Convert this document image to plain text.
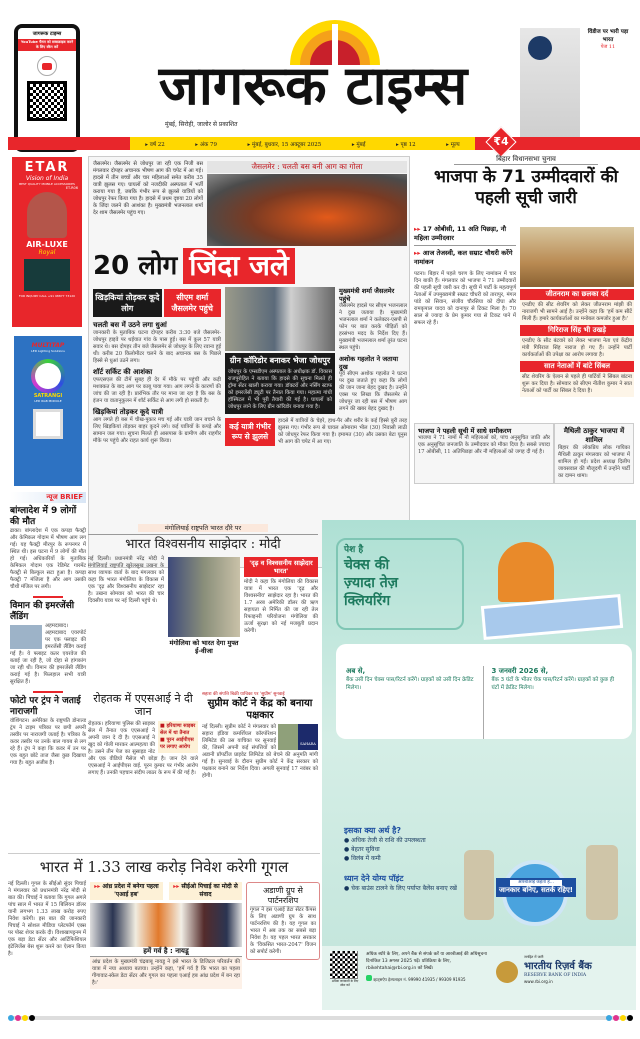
जागरूक टाइम्स
YouTube चैनल को सब्सक्राइब करने के लिए स्कैन करें
जागरूक टाइम्स
मुंबई, सिरोही, जालोर से प्रकाशित
विंडीज पर भारी पड़ा भारत
पेज 11
▸ वर्ष 22	▸ अंक 79	▸ मुंबई, बुधवार, 15 अक्टूबर 2025	▸ मुंबई	▸ पृष्ठ 12	▸ मूल्य	₹4
ETAR
Vision of India
BEST QUALITY MOBILE ACCESSORIES
ET-R06
AIR-LUXE
Royal
FOR INQUIRY CALL +91 98877 73120
MULTITAP
LED Lighting Solutions
SATRANGI
LED RGB MODULE
न्यूज BRIEF
बांग्लादेश में 9 लोगों की मौत
ढाका। बांग्लादेश में एक कपड़ा फैक्ट्री और केमिकल गोदाम में भीषण आग लग गई। यह फैक्ट्री मीरपुर के रूपनगर में स्थित थी। इस घटना में 9 लोगों की मौत हो गई। अधिकारियों के मुताबिक केमिकल गोदाम एक रेडिमेट गारमेंट फैक्ट्री से बिल्कुल सटा हुआ है। कपड़ा फैक्ट्री 7 मंजिला है और आग उसकी चौथी मंजिल पर लगी।
विमान की इमरजेंसी लैंडिंग
अहमदाबाद। अहमदाबाद एयरपोर्ट पर एक फ्लाइट की इमरजेंसी लैंडिंग कराई गई है। ये फ्लाइट कतर एयरवेज की बताई जा रही है, जो दोहा से हांगकांग जा रही थी। विमान की इमरजेंसी लैंडिंग कराई गई है। फिलहाल सभी यात्री सुरक्षित हैं।
फोटो पर ट्रंप ने जताई नाराजगी
वॉशिंगटन। अमेरिका के राष्ट्रपति डोनाल्ड ट्रंप ने टाइम पत्रिका पर छपी अपनी तस्वीर पर नाराजगी जताई है। पत्रिका के कवर तस्वीर पर उनके बाल गायब से लग रहे हैं। ट्रंप ने कहा कि कवर में उन पर एक बहुत छोटे ताज जैसा कुछ दिखाया गया है। बहुत अजीब है।
जैसलमेर। जैसलमेर से जोधपुर जा रही एक निजी बस मंगलवार दोपहर अचानक भीषण आग की चपेट में आ गई। हादसे में तीन बच्चों और चार महिलाओं समेत करीब 35 यात्री झुलस गए। घायलों को नजदीकी अस्पताल में भर्ती कराया गया है, जबकि गंभीर रूप से झुलसे यात्रियों को जोधपुर रेफर किया गया है। हादसे में प्रथम दृष्टया 20 लोगों के जिंदा जलने की आशंका है। मुख्यमंत्री भजनलाल शर्मा देर शाम जैसलमेर पहुंच गए।
जैसलमेर : चलती बस बनी आग का गोला
20 लोग जिंदा जले
खिड़कियां तोड़कर कूदे लोग
सीएम शर्मा जैसलमेर पहुंचे
चलती बस में उठने लगा धुआं
जानकारी के मुताबिक घटना दोपहर करीब 3:30 बजे जैसलमेर-जोधपुर हाइवे पर थईयात गांव के पास हुई। बस में कुल 57 यात्री सवार थे। बस दोपहर तीन बजे जैसलमेर से जोधपुर के लिए रवाना हुई थी। करीब 20 किलोमीटर चलने के बाद अचानक बस के पिछले हिस्से से धुआं उठने लगा।
शॉर्ट सर्किट की आशंका
एफएसएल की टीमें सुबह ही देर में मौके पर पहुंचीं और कड़ी मशक्कत के बाद आग पर काबू पाया गया। आग लगने के कारणों की जांच की जा रही है। प्रारंभिक तौर पर माना जा रहा है कि बस के इंजन या वातानुकूलन में शॉर्ट सर्किट से आग लगी हो सकती है।
खिड़कियां तोड़कर कूदे यात्री
आग लगते ही बस में चीख-पुकार मच गई और यात्री जान बचाने के लिए खिड़कियां तोड़कर बाहर कूदने लगे। कई यात्रियों के कपड़े और सामान जल गया। सूचना मिलते ही आसपास के ग्रामीण और राहगीर मौके पर पहुंचे और राहत कार्य शुरू किया।
ग्रीन कॉरिडोर बनाकर भेजा जोधपुर
जोधपुर के एम्सडीएम अस्पताल के अधीक्षक डॉ. विकास राजपुरोहित ने बताया कि हादसे की सूचना मिलते ही ट्रॉमा सेंटर खाली कराया गया। डॉक्टरों और नर्सिंग स्टाफ को इमरजेंसी ड्यूटी पर तैनात किया गया। महात्मा गांधी हॉस्पिटल में भी पूरी तैयारी की गई है। घायलों को जोधपुर लाने के लिए ग्रीन कॉरिडोर बनाया गया है।
मुख्यमंत्री शर्मा जैसलमेर पहुंचे
जैसलमेर हादसे पर सीएम भजनलाल ने दुख जताया है। मुख्यमंत्री भजनलाल शर्मा ने कलेक्टर-एसपी से फोन पर बात करके पीड़ितों को हरसंभव मदद के निर्देश दिए हैं। मुख्यमंत्री भजनलाल शर्मा तुरंत घटना स्थल पहुंचे।
अशोक गहलोत ने जताया दुख
पूर्व सीएम अशोक गहलोत ने घटना पर दुख जताते हुए कहा कि लोगों की जान जाना बेहद दुखद है। उन्होंने एक्स पर लिखा कि जैसलमेर से जोधपुर जा रही बस में भीषण आग लगने की खबर बेहद दुखद है।
कई यात्री गंभीर रूप से झुलसे
हादसे में यात्रियों के चेहरे, हाथ-पैर और शरीर के कई हिस्से बुरी तरह झुलस गए। गंभीर रूप से घायल ओमाराम भील (30) निवासी लाठी को जोधपुर रेफर किया गया है। इमामत (30) और उसका बेटा यूनुस भी आग की चपेट में आ गए।
बिहार विधानसभा चुनाव
भाजपा के 71 उम्मीदवारों की पहली सूची जारी
▸▸ 17 ओबीसी, 11 अति पिछड़ा, नौ महिला उम्मीदवार
▸▸ आज तेजस्वी, कल सम्राट चौधरी करेंगे नामांकन
पटना। बिहार में पहले चरण के लिए नामांकन में चार दिन बाकी हैं। मंगलवार को भाजपा ने 71 उम्मीदवारों की पहली सूची जारी कर दी। सूची में पार्टी के महत्वपूर्ण नेताओं में उपमुख्यमंत्री सम्राट चौधरी को तारापुर, मंगल पांडे को सिवान, संजीव चौरसिया को दीघा और रामकृपाल यादव को दानापुर से टिकट मिला है। 70 साल से ज्यादा के प्रेम कुमार गया से टिकट पाने में सफल रहे हैं।
जीतनराम का छलका दर्द
एनडीए की सीट शेयरिंग को लेकर जीतनराम मांझी की नाराजगी भी सामने आई है। उन्होंने कहा कि 'हमें कम सीटें मिली हैं। हमारे कार्यकर्ताओं का मनोबल कमजोर हुआ है।'
गिरिराज सिंह भी उखड़े
एनडीए के सीट बंटवारे को लेकर भाजपा नेता एवं केंद्रीय मंत्री गिरिराज सिंह नाराज हो गए हैं। उन्होंने पार्टी कार्यकर्ताओं की उपेक्षा का आरोप लगाया है।
सात नेताओं में बांटे सिंबल
सीट शेयरिंग के ऐलान से पहले ही पार्टियों ने सिंबल बांटना शुरू कर दिया है। सोमवार को सीएम नीतीश कुमार ने सात नेताओं को पार्टी का सिंबल दे दिया है।
भाजपा ने पहली सूची में साधे समीकरण
भाजपा ने 71 नामों में नौ महिलाओं को, पांच अनुसूचित जाति और एक अनुसूचित जनजाति के उम्मीदवार को मौका दिया है। सबसे ज्यादा 17 ओबीसी, 11 अतिपिछड़ा और नौ महिलाओं को जगह दी गई है।
मैथिली ठाकुर भाजपा में शामिल
बिहार की लोकप्रिय लोक गायिका मैथिली ठाकुर मंगलवार को भाजपा में शामिल हो गईं। प्रदेश अध्यक्ष दिलीप जायसवाल की मौजूदगी में उन्होंने पार्टी का दामन थामा।
मंगोलियाई राष्ट्रपति भारत दौरे पर
भारत विश्वसनीय साझेदार : मोदी
नई दिल्ली। प्रधानमंत्री नरेंद्र मोदी ने मंगोलियाई राष्ट्रपति खुरेलसुख उखना के साथ व्यापक वार्ता के बाद मंगलवार को कहा कि भारत मंगोलिया के विकास में एक 'दृढ़ और विश्वसनीय साझेदार' रहा है। उखना सोमवार को भारत की चार दिवसीय यात्रा पर नई दिल्ली पहुंचे थे।
मंगोलिया को भारत देगा मुफ्त ई-वीजा
'दृढ़ व विश्वसनीय साझेदार भारत'
मोदी ने कहा कि मंगोलिया की विकास यात्रा में भारत एक 'दृढ़ और विश्वसनीय' साझेदार रहा है। भारत की 1.7 अरब अमेरिकी डॉलर की ऋण सहायता से निर्मित की जा रही तेल रिफाइनरी परियोजना मंगोलिया की ऊर्जा सुरक्षा को नई मजबूती प्रदान करेगी।
रोहतक में एएसआई ने दी जान
■ हरियाणा साइबर सेल में था तैनात
■ पूरन आईपीएस पर लगाए आरोप
रोहतक। हरियाणा पुलिस की साइबर सेल में तैनात एक एएसआई ने अपनी जान दे दी है। एएसआई ने खुद को गोली मारकर आत्महत्या की है। उसने तीन पेज का सुसाइड नोट और एक वीडियो मैसेज भी छोड़ा है। जान देने वाले एएसआई ने आईपीएस वाई. पूरन कुमार पर गंभीर आरोप लगाए हैं। उनकी पहचान संदीप लाठर के रूप में की गई है।
सहारा की संपत्ति बिक्री याचिका पर 'सुप्रीम' सुनवाई
सुप्रीम कोर्ट ने केंद्र को बनाया पक्षकार
SAHARA
नई दिल्ली। सुप्रीम कोर्ट ने मंगलवार को सहारा इंडिया कमर्शियल कॉरपोरेशन लिमिटेड की उस याचिका पर सुनवाई की, जिसमें अपनी कई संपत्तियों को अडानी प्रॉपर्टीज प्राइवेट लिमिटेड को बेचने की अनुमति मांगी गई है। सुनवाई के दौरान सुप्रीम कोर्ट ने केंद्र सरकार को पक्षकार बनाने का निर्देश दिया। अगली सुनवाई 17 नवंबर को होगी।
भारत में 1.33 लाख करोड़ निवेश करेगी गूगल
नई दिल्ली। गूगल के सीईओ सुंदर पिचाई ने मंगलवार को प्रधानमंत्री नरेंद्र मोदी से बात की। पिचाई ने बताया कि गूगल अगले पांच साल में भारत में 15 बिलियन डॉलर यानी लगभग 1.33 लाख करोड़ रुपए निवेश करेगी। इस बात की जानकारी पिचाई ने सोशल मीडिया प्लेटफॉर्म एक्स पर पोस्ट शेयर करके दी। विशाखापट्टनम में एक बड़ा डेटा सेंटर और आर्टिफिशियल इंटेलिजेंस बेस शुरू करने का ऐलान किया है।
▸▸ आंध्र प्रदेश में बनेगा पहला 'एआई हब'
▸▸ सीईओ पिचाई का मोदी से संवाद
हमें गर्व है : नायडू
आंध्र प्रदेश के मुख्यमंत्री चंद्रबाबू नायडू ने इसे भारत के डिजिटल परिवर्तन की यात्रा में नया अध्याय बताया। उन्होंने कहा, 'हमें गर्व है कि भारत का पहला गीगावाट-स्केल डेटा सेंटर और गूगल का पहला एआई हब आंध्र प्रदेश में बन रहा है।'
अडाणी ग्रुप से पार्टनरशिप
गूगल ने इस एआई डेटा सेंटर कैंपस के लिए अडाणी ग्रुप के साथ पार्टनरशिप की है। यह गूगल का भारत में अब तक का सबसे बड़ा निवेश है। यह पहल भारत सरकार के 'विकसित भारत-2047' विजन को सपोर्ट करेगी।
पेश है
चेक्स की
ज़्यादा तेज़
क्लियरिंग
अब से,
बैंक उसी दिन चेक्स पास/रिटर्न करेंगे। ग्राहकों को उसी दिन क्रेडिट मिलेगा।
3 जनवरी 2026 से,
बैंक 3 घंटों के भीतर चेक पास/रिटर्न करेंगे। ग्राहकों को कुछ ही घंटों में क्रेडिट मिलेगा।
इसका क्या अर्थ है?
● अधिक तेजी से राशि की उपलब्धता
● बेहतर सुविधा
● विलंब में कमी
ध्यान देने योग्य पॉइंट
● चेक बाउंस टालने के लिए पर्याप्त बैलेंस बनाए रखें
आरबीआई कहता है...
जानकार बनिए, सतर्क रहिए!
अधिक जानकारी के लिए स्कैन करें
अधिक ब्योरे के लिए, अपने बैंक से संपर्क करें या आरबीआई की अधिसूचना दिनांकित 13 अगस्त 2025 पढ़ें। प्रतिक्रिया के लिए, rbikehtahai@rbi.org.in को लिखें।
व्हाट्सऐप हेल्पलाइन नं. 99990 41935 / 99309 91935
जनहित में जारी
भारतीय रिज़र्व बैंक
RESERVE BANK OF INDIA
www.rbi.org.in
